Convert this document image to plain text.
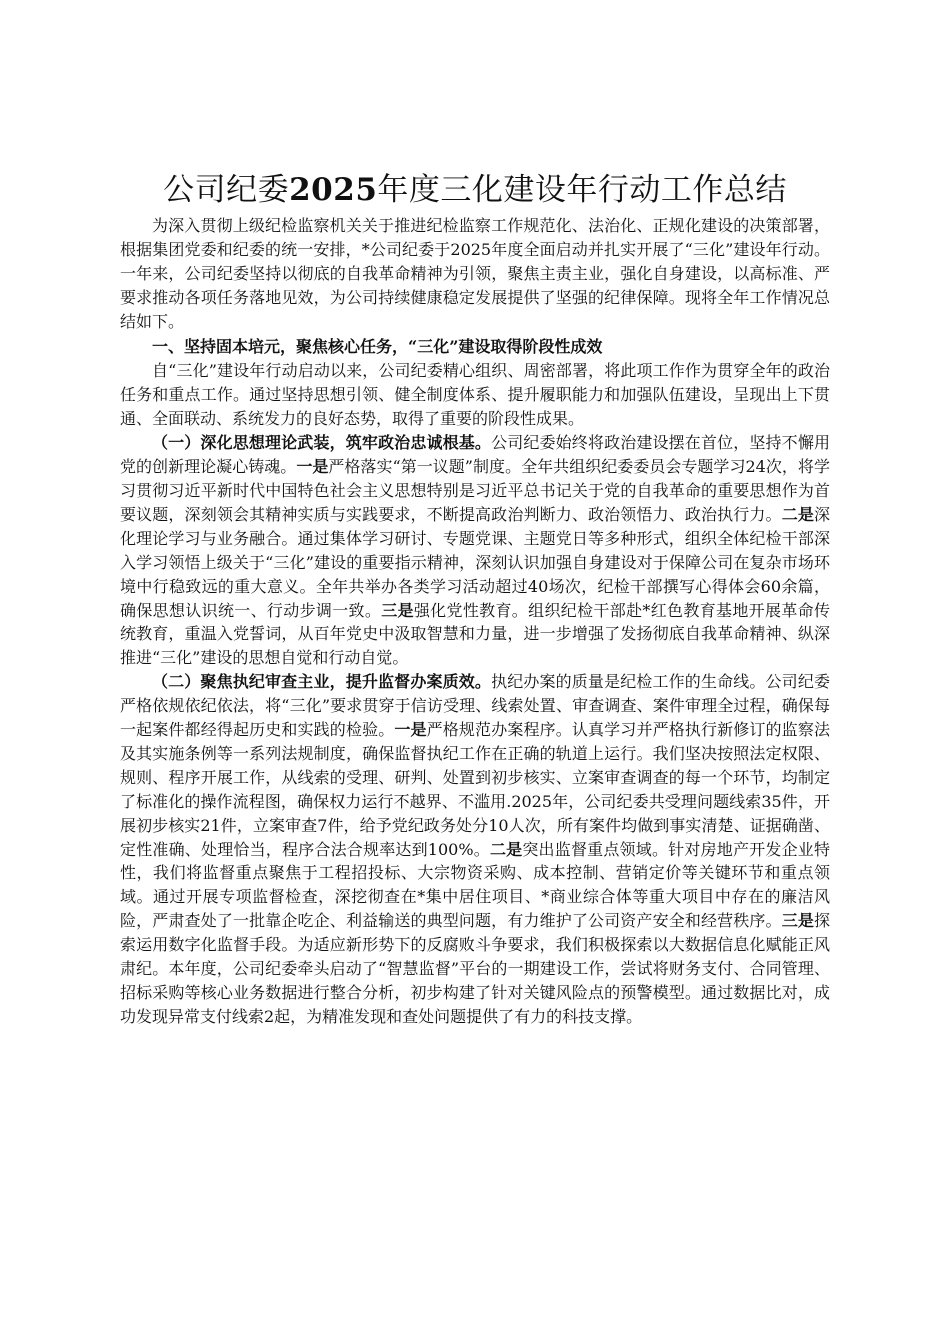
公司纪委2025年度三化建设年行动工作总结

为深入贯彻上级纪检监察机关关于推进纪检监察工作规范化、法治化、正规化建设的决策部署，根据集团党委和纪委的统一安排，*公司纪委于2025年度全面启动并扎实开展了“三化”建设年行动。一年来，公司纪委坚持以彻底的自我革命精神为引领，聚焦主责主业，强化自身建设，以高标准、严要求推动各项任务落地见效，为公司持续健康稳定发展提供了坚强的纪律保障。现将全年工作情况总结如下。

一、坚持固本培元，聚焦核心任务，“三化”建设取得阶段性成效

自“三化”建设年行动启动以来，公司纪委精心组织、周密部署，将此项工作作为贯穿全年的政治任务和重点工作。通过坚持思想引领、健全制度体系、提升履职能力和加强队伍建设，呈现出上下贯通、全面联动、系统发力的良好态势，取得了重要的阶段性成果。

（一）深化思想理论武装，筑牢政治忠诚根基。公司纪委始终将政治建设摆在首位，坚持不懈用党的创新理论凝心铸魂。一是严格落实“第一议题”制度。全年共组织纪委委员会专题学习24次，将学习贯彻习近平新时代中国特色社会主义思想特别是习近平总书记关于党的自我革命的重要思想作为首要议题，深刻领会其精神实质与实践要求，不断提高政治判断力、政治领悟力、政治执行力。二是深化理论学习与业务融合。通过集体学习研讨、专题党课、主题党日等多种形式，组织全体纪检干部深入学习领悟上级关于“三化”建设的重要指示精神，深刻认识加强自身建设对于保障公司在复杂市场环境中行稳致远的重大意义。全年共举办各类学习活动超过40场次，纪检干部撰写心得体会60余篇，确保思想认识统一、行动步调一致。三是强化党性教育。组织纪检干部赴*红色教育基地开展革命传统教育，重温入党誓词，从百年党史中汲取智慧和力量，进一步增强了发扬彻底自我革命精神、纵深推进“三化”建设的思想自觉和行动自觉。

（二）聚焦执纪审查主业，提升监督办案质效。执纪办案的质量是纪检工作的生命线。公司纪委严格依规依纪依法，将“三化”要求贯穿于信访受理、线索处置、审查调查、案件审理全过程，确保每一起案件都经得起历史和实践的检验。一是严格规范办案程序。认真学习并严格执行新修订的监察法及其实施条例等一系列法规制度，确保监督执纪工作在正确的轨道上运行。我们坚决按照法定权限、规则、程序开展工作，从线索的受理、研判、处置到初步核实、立案审查调查的每一个环节，均制定了标准化的操作流程图，确保权力运行不越界、不滥用.2025年，公司纪委共受理问题线索35件，开展初步核实21件，立案审查7件，给予党纪政务处分10人次，所有案件均做到事实清楚、证据确凿、定性准确、处理恰当，程序合法合规率达到100%。二是突出监督重点领域。针对房地产开发企业特性，我们将监督重点聚焦于工程招投标、大宗物资采购、成本控制、营销定价等关键环节和重点领域。通过开展专项监督检查，深挖彻查在*集中居住项目、*商业综合体等重大项目中存在的廉洁风险，严肃查处了一批靠企吃企、利益输送的典型问题，有力维护了公司资产安全和经营秩序。三是探索运用数字化监督手段。为适应新形势下的反腐败斗争要求，我们积极探索以大数据信息化赋能正风肃纪。本年度，公司纪委牵头启动了“智慧监督”平台的一期建设工作，尝试将财务支付、合同管理、招标采购等核心业务数据进行整合分析，初步构建了针对关键风险点的预警模型。通过数据比对，成功发现异常支付线索2起，为精准发现和查处问题提供了有力的科技支撑。
